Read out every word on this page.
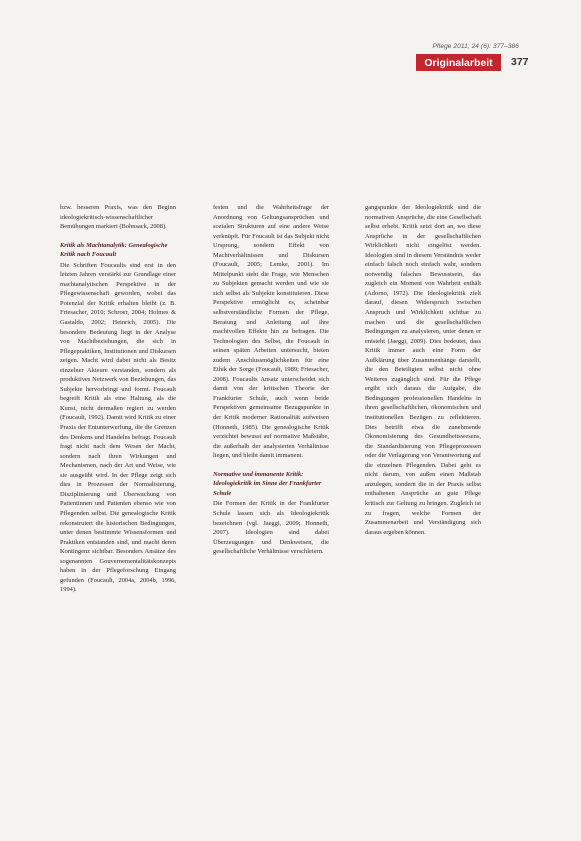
Pflege 2011; 24 (6): 377–386
Originalarbeit	377

bzw. besseren Praxis, was den Beginn ideologiekritisch-wissenschaftlicher Bemühungen markiert (Bohnsack, 2008).

Kritik als Machtanalytik: Genealogische Kritik nach Foucault

Die Schriften Foucaults sind erst in den letzten Jahren verstärkt zur Grundlage einer machtanalytischen Perspektive in der Pflegewissenschaft geworden, wobei das Potenzial der Kritik erhalten bleibt (z. B. Friesacher, 2010; Schroer, 2004; Holmes & Gastaldo, 2002; Heinrich, 2005). Die besondere Bedeutung liegt in der Analyse von Machtbeziehungen, die sich in Pflegepraktiken, Institutionen und Diskursen zeigen. Macht wird dabei nicht als Besitz einzelner Akteure verstanden, sondern als produktives Netzwerk von Beziehungen, das Subjekte hervorbringt und formt. Foucault begreift Kritik als eine Haltung, als die Kunst, nicht dermaßen regiert zu werden (Foucault, 1992). Damit wird Kritik zu einer Praxis der Entunterwerfung, die die Grenzen des Denkens und Handelns befragt. Foucault fragt nicht nach dem Wesen der Macht, sondern nach ihren Wirkungen und Mechanismen, nach der Art und Weise, wie sie ausgeübt wird. In der Pflege zeigt sich dies in Prozessen der Normalisierung, Disziplinierung und Überwachung von Patientinnen und Patienten ebenso wie von Pflegenden selbst. Die genealogische Kritik rekonstruiert die historischen Bedingungen, unter denen bestimmte Wissensformen und Praktiken entstanden sind, und macht deren Kontingenz sichtbar. Besonders Ansätze des sogenannten Gouvernementalitätskonzepts haben in der Pflegeforschung Eingang gefunden (Foucault, 2004a, 2004b, 1996, 1994).

festen und die Wahrheitsfrage der Anordnung von Geltungsansprüchen und sozialen Strukturen auf eine andere Weise verknüpft. Für Foucault ist das Subjekt nicht Ursprung, sondern Effekt von Machtverhältnissen und Diskursen (Foucault, 2005; Lemke, 2001). Im Mittelpunkt steht die Frage, wie Menschen zu Subjekten gemacht werden und wie sie sich selbst als Subjekte konstituieren. Diese Perspektive ermöglicht es, scheinbar selbstverständliche Formen der Pflege, Beratung und Anleitung auf ihre machtvollen Effekte hin zu befragen. Die Technologien des Selbst, die Foucault in seinen späten Arbeiten untersucht, bieten zudem Anschlussmöglichkeiten für eine Ethik der Sorge (Foucault, 1989; Friesacher, 2008). Foucaults Ansatz unterscheidet sich damit von der kritischen Theorie der Frankfurter Schule, auch wenn beide Perspektiven gemeinsame Bezugspunkte in der Kritik moderner Rationalität aufweisen (Honneth, 1985). Die genealogische Kritik verzichtet bewusst auf normative Maßstäbe, die außerhalb der analysierten Verhältnisse liegen, und bleibt damit immanent.

Normative und immanente Kritik: Ideologiekritik im Sinne der Frankfurter Schule

Die Formen der Kritik in der Frankfurter Schule lassen sich als Ideologiekritik bezeichnen (vgl. Jaeggi, 2009; Honneth, 2007). Ideologien sind dabei Überzeugungen und Denkweisen, die gesellschaftliche Verhältnisse verschleiern.

gangspunkte der Ideologiekritik sind die normativen Ansprüche, die eine Gesellschaft selbst erhebt. Kritik setzt dort an, wo diese Ansprüche in der gesellschaftlichen Wirklichkeit nicht eingelöst werden. Ideologien sind in diesem Verständnis weder einfach falsch noch einfach wahr, sondern notwendig falsches Bewusstsein, das zugleich ein Moment von Wahrheit enthält (Adorno, 1972). Die Ideologiekritik zielt darauf, diesen Widerspruch zwischen Anspruch und Wirklichkeit sichtbar zu machen und die gesellschaftlichen Bedingungen zu analysieren, unter denen er entsteht (Jaeggi, 2009). Dies bedeutet, dass Kritik immer auch eine Form der Aufklärung über Zusammenhänge darstellt, die den Beteiligten selbst nicht ohne Weiteres zugänglich sind. Für die Pflege ergibt sich daraus die Aufgabe, die Bedingungen professionellen Handelns in ihren gesellschaftlichen, ökonomischen und institutionellen Bezügen zu reflektieren. Dies betrifft etwa die zunehmende Ökonomisierung des Gesundheitswesens, die Standardisierung von Pflegeprozessen oder die Verlagerung von Verantwortung auf die einzelnen Pflegenden. Dabei geht es nicht darum, von außen einen Maßstab anzulegen, sondern die in der Praxis selbst enthaltenen Ansprüche an gute Pflege kritisch zur Geltung zu bringen. Zugleich ist zu fragen, welche Formen der Zusammenarbeit und Verständigung sich daraus ergeben können.
